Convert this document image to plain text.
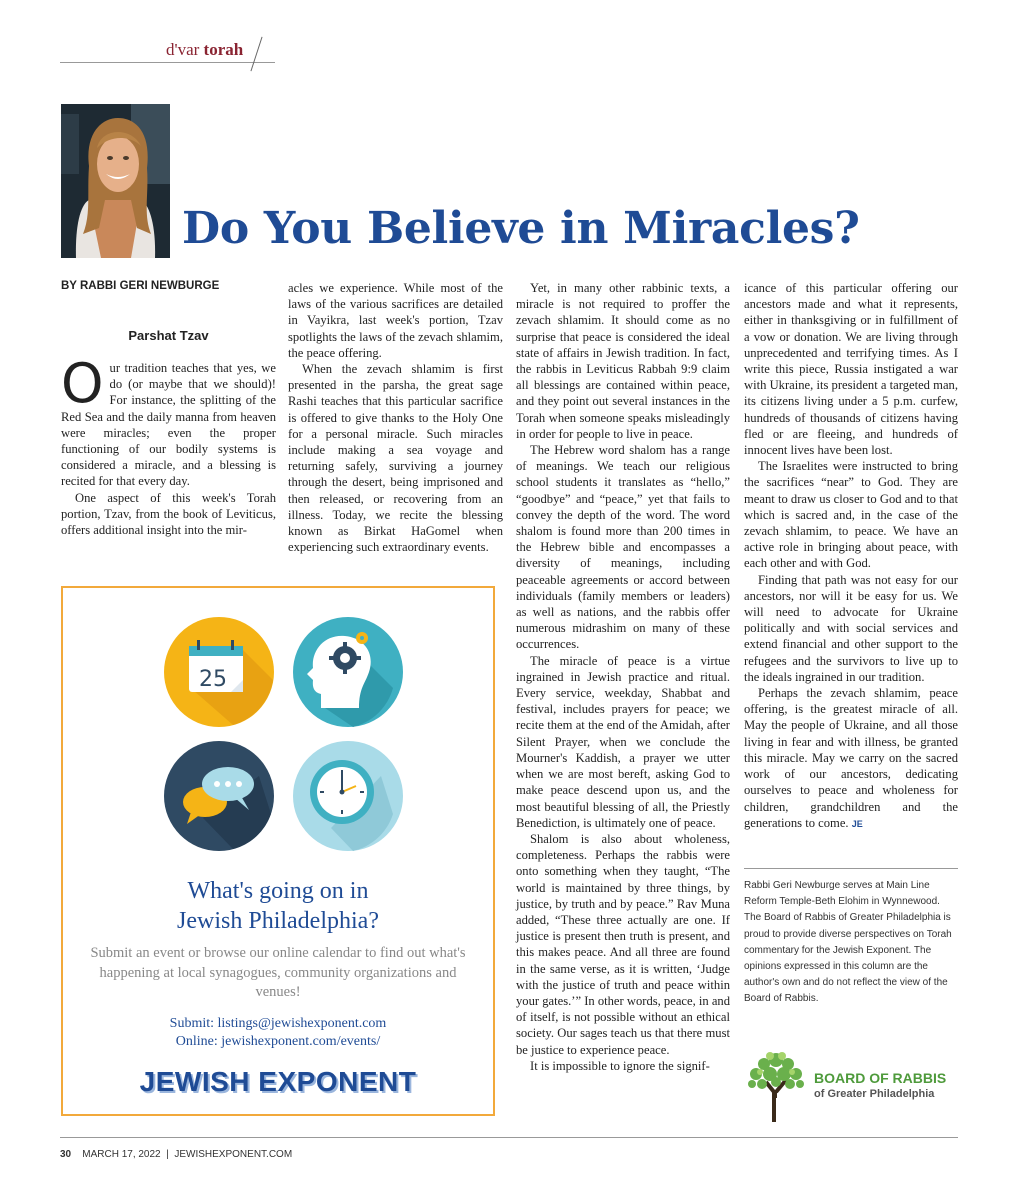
d'var torah
Do You Believe in Miracles?
BY RABBI GERI NEWBURGE
Parshat Tzav

Our tradition teaches that yes, we do (or maybe that we should)! For instance, the splitting of the Red Sea and the daily manna from heaven were miracles; even the proper functioning of our bodily systems is considered a miracle, and a blessing is recited for that every day.

One aspect of this week's Torah portion, Tzav, from the book of Leviticus, offers additional insight into the mir-

acles we experience. While most of the laws of the various sacrifices are detailed in Vayikra, last week's portion, Tzav spotlights the laws of the zevach shlamim, the peace offering.

When the zevach shlamim is first presented in the parsha, the great sage Rashi teaches that this particular sacrifice is offered to give thanks to the Holy One for a personal miracle. Such miracles include making a sea voyage and returning safely, surviving a journey through the desert, being imprisoned and then released, or recovering from an illness. Today, we recite the blessing known as Birkat HaGomel when experiencing such extraordinary events.

Yet, in many other rabbinic texts, a miracle is not required to proffer the zevach shlamim. It should come as no surprise that peace is considered the ideal state of affairs in Jewish tradition. In fact, the rabbis in Leviticus Rabbah 9:9 claim all blessings are contained within peace, and they point out several instances in the Torah when someone speaks misleadingly in order for people to live in peace.

The Hebrew word shalom has a range of meanings. We teach our religious school students it translates as “hello,” “goodbye” and “peace,” yet that fails to convey the depth of the word. The word shalom is found more than 200 times in the Hebrew bible and encompasses a diversity of meanings, including peaceable agreements or accord between individuals (family members or leaders) as well as nations, and the rabbis offer numerous midrashim on many of these occurrences.

The miracle of peace is a virtue ingrained in Jewish practice and ritual. Every service, weekday, Shabbat and festival, includes prayers for peace; we recite them at the end of the Amidah, after Silent Prayer, when we conclude the Mourner's Kaddish, a prayer we utter when we are most bereft, asking God to make peace descend upon us, and the most beautiful blessing of all, the Priestly Benediction, is ultimately one of peace.

Shalom is also about wholeness, completeness. Perhaps the rabbis were onto something when they taught, “The world is maintained by three things, by justice, by truth and by peace.” Rav Muna added, “These three actually are one. If justice is present then truth is present, and this makes peace. And all three are found in the same verse, as it is written, ‘Judge with the justice of truth and peace within your gates.’” In other words, peace, in and of itself, is not possible without an ethical society. Our sages teach us that there must be justice to experience peace.

It is impossible to ignore the signif-

icance of this particular offering our ancestors made and what it represents, either in thanksgiving or in fulfillment of a vow or donation. We are living through unprecedented and terrifying times. As I write this piece, Russia instigated a war with Ukraine, its president a targeted man, its citizens living under a 5 p.m. curfew, hundreds of thousands of citizens having fled or are fleeing, and hundreds of innocent lives have been lost.

The Israelites were instructed to bring the sacrifices “near” to God. They are meant to draw us closer to God and to that which is sacred and, in the case of the zevach shlamim, to peace. We have an active role in bringing about peace, with each other and with God.

Finding that path was not easy for our ancestors, nor will it be easy for us. We will need to advocate for Ukraine politically and with social services and extend financial and other support to the refugees and the survivors to live up to the ideals ingrained in our tradition.

Perhaps the zevach shlamim, peace offering, is the greatest miracle of all. May the people of Ukraine, and all those living in fear and with illness, be granted this miracle. May we carry on the sacred work of our ancestors, dedicating ourselves to peace and wholeness for children, grandchildren and the generations to come. JE

Rabbi Geri Newburge serves at Main Line Reform Temple-Beth Elohim in Wynnewood. The Board of Rabbis of Greater Philadelphia is proud to provide diverse perspectives on Torah commentary for the Jewish Exponent. The opinions expressed in this column are the author's own and do not reflect the view of the Board of Rabbis.
BOARD OF RABBIS
of Greater Philadelphia
25
What's going on in
Jewish Philadelphia?
Submit an event or browse our online calendar to find out what's happening at local synagogues, community organizations and venues!
Submit: listings@jewishexponent.com
Online: jewishexponent.com/events/
JEWISH EXPONENT
30 MARCH 17, 2022 | JEWISHEXPONENT.COM
